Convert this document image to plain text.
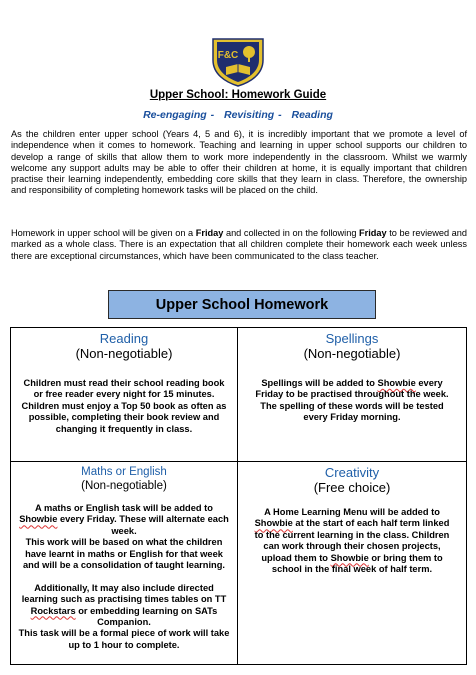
F&C
Upper School: Homework Guide
Re-engaging - Revisiting - Reading

As the children enter upper school (Years 4, 5 and 6), it is incredibly important that we promote a level of independence when it comes to homework. Teaching and learning in upper school supports our children to develop a range of skills that allow them to work more independently in the classroom. Whilst we warmly welcome any support adults may be able to offer their children at home, it is equally important that children practise their learning independently, embedding core skills that they learn in class. Therefore, the ownership and responsibility of completing homework tasks will be placed on the child.

Homework in upper school will be given on a Friday and collected in on the following Friday to be reviewed and marked as a whole class. There is an expectation that all children complete their homework each week unless there are exceptional circumstances, which have been communicated to the class teacher.

Upper School Homework
Reading
(Non-negotiable)
Children must read their school reading book or free reader every night for 15 minutes. Children must enjoy a Top 50 book as often as possible, completing their book review and changing it frequently in class.
Spellings
(Non-negotiable)
Spellings will be added to Showbie every Friday to be practised throughout the week. The spelling of these words will be tested every Friday morning.
Maths or English
(Non-negotiable)

A maths or English task will be added to Showbie every Friday. These will alternate each week.

This work will be based on what the children have learnt in maths or English for that week and will be a consolidation of taught learning.

Additionally, It may also include directed learning such as practising times tables on TT Rockstars or embedding learning on SATs Companion.

This task will be a formal piece of work will take up to 1 hour to complete.

Creativity
(Free choice)
A Home Learning Menu will be added to Showbie at the start of each half term linked to the current learning in the class. Children can work through their chosen projects, upload them to Showbie or bring them to school in the final week of half term.
